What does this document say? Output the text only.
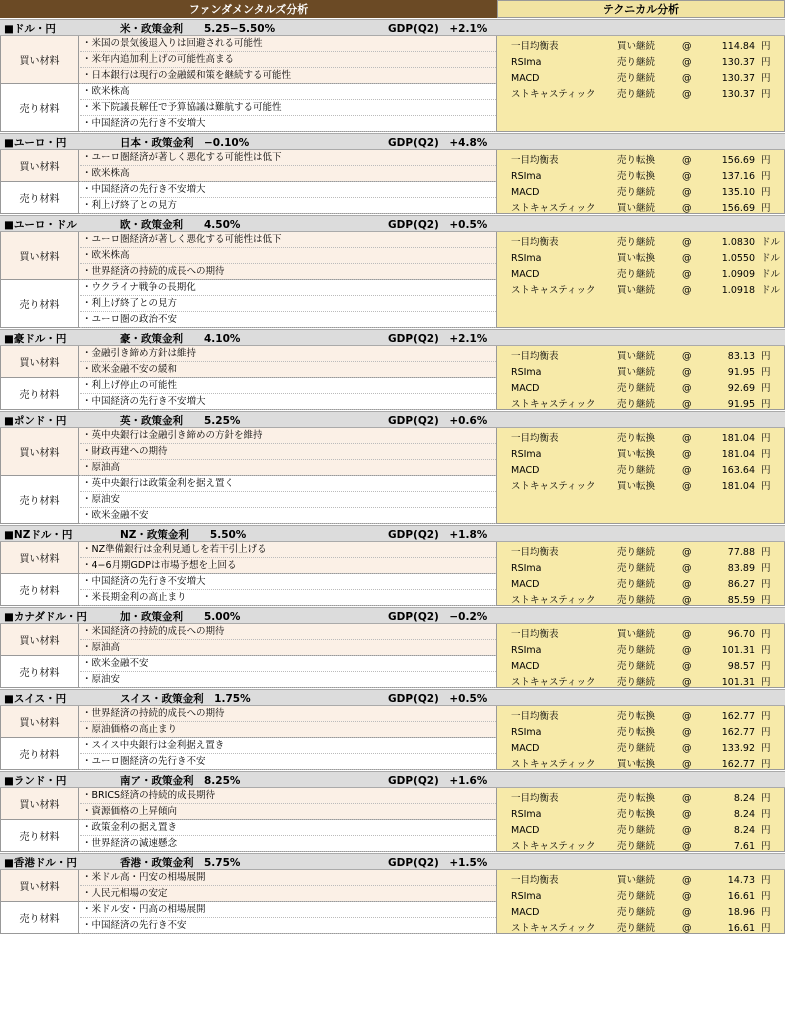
ファンダメンタルズ分析	テクニカル分析
■ドル・円	米・政策金利　　5.25−5.50%	GDP(Q2)　+2.1%
買い材料
・米国の景気後退入りは回避される可能性
・米年内追加利上げの可能性高まる
・日本銀行は現行の金融緩和策を継続する可能性
売り材料
・欧米株高
・米下院議長解任で予算協議は難航する可能性
・中国経済の先行き不安増大
一目均衡表	買い継続	@	114.84 円
RSIma	売り継続	@	130.37 円
MACD	売り継続	@	130.37 円
ストキャスティック 売り継続	@	130.37 円
■ユーロ・円	日本・政策金利　−0.10%	GDP(Q2)　+4.8%
買い材料
・ユーロ圏経済が著しく悪化する可能性は低下
・欧米株高
売り材料
・中国経済の先行き不安増大
・利上げ終了との見方
一目均衡表	売り転換	@	156.69 円
RSIma	売り転換	@	137.16 円
MACD	売り継続	@	135.10 円
ストキャスティック 買い継続	@	156.69 円
■ユーロ・ドル	欧・政策金利　　4.50%	GDP(Q2)　+0.5%
買い材料
・ユーロ圏経済が著しく悪化する可能性は低下
・欧米株高
・世界経済の持続的成長への期待
売り材料
・ウクライナ戦争の長期化
・利上げ終了との見方
・ユーロ圏の政治不安
一目均衡表	売り継続	@	1.0830 ドル
RSIma	買い転換	@	1.0550 ドル
MACD	売り継続	@	1.0909 ドル
ストキャスティック 買い継続	@	1.0918 ドル
■豪ドル・円	豪・政策金利　　4.10%	GDP(Q2)　+2.1%
買い材料
・金融引き締め方針は維持
・欧米金融不安の緩和
売り材料
・利上げ停止の可能性
・中国経済の先行き不安増大
一目均衡表	買い継続	@	83.13 円
RSIma	買い継続	@	91.95 円
MACD	売り継続	@	92.69 円
ストキャスティック 売り継続	@	91.95 円
■ポンド・円	英・政策金利　　5.25%	GDP(Q2)　+0.6%
買い材料
・英中央銀行は金融引き締めの方針を維持
・財政再建への期待
・原油高
売り材料
・英中央銀行は政策金利を据え置く
・原油安
・欧米金融不安
一目均衡表	売り転換	@	181.04 円
RSIma	買い転換	@	181.04 円
MACD	売り継続	@	163.64 円
ストキャスティック 買い転換	@	181.04 円
■NZドル・円	NZ・政策金利　　5.50%	GDP(Q2)　+1.8%
買い材料
・NZ準備銀行は金利見通しを若干引上げる
・4−6月期GDPは市場予想を上回る
売り材料
・中国経済の先行き不安増大
・米長期金利の高止まり
一目均衡表	売り継続	@	77.88 円
RSIma	売り継続	@	83.89 円
MACD	売り継続	@	86.27 円
ストキャスティック 売り継続	@	85.59 円
■カナダドル・円	加・政策金利　　5.00%	GDP(Q2)　−0.2%
買い材料
・米国経済の持続的成長への期待
・原油高
売り材料
・欧米金融不安
・原油安
一目均衡表	買い継続	@	96.70 円
RSIma	売り継続	@	101.31 円
MACD	売り継続	@	98.57 円
ストキャスティック 売り継続	@	101.31 円
■スイス・円	スイス・政策金利　1.75%	GDP(Q2)　+0.5%
買い材料
・世界経済の持続的成長への期待
・原油価格の高止まり
売り材料
・スイス中央銀行は金利据え置き
・ユーロ圏経済の先行き不安
一目均衡表	売り転換	@	162.77 円
RSIma	売り転換	@	162.77 円
MACD	売り継続	@	133.92 円
ストキャスティック 買い転換	@	162.77 円
■ランド・円	南ア・政策金利　8.25%	GDP(Q2)　+1.6%
買い材料
・BRICS経済の持続的成長期待
・資源価格の上昇傾向
売り材料
・政策金利の据え置き
・世界経済の減速懸念
一目均衡表	売り転換	@	8.24 円
RSIma	売り転換	@	8.24 円
MACD	売り継続	@	8.24 円
ストキャスティック 売り継続	@	7.61 円
■香港ドル・円	香港・政策金利　5.75%	GDP(Q2)　+1.5%
買い材料
・米ドル高・円安の相場展開
・人民元相場の安定
売り材料
・米ドル安・円高の相場展開
・中国経済の先行き不安
一目均衡表	買い継続	@	14.73 円
RSIma	売り継続	@	16.61 円
MACD	売り継続	@	18.96 円
ストキャスティック 売り継続	@	16.61 円
